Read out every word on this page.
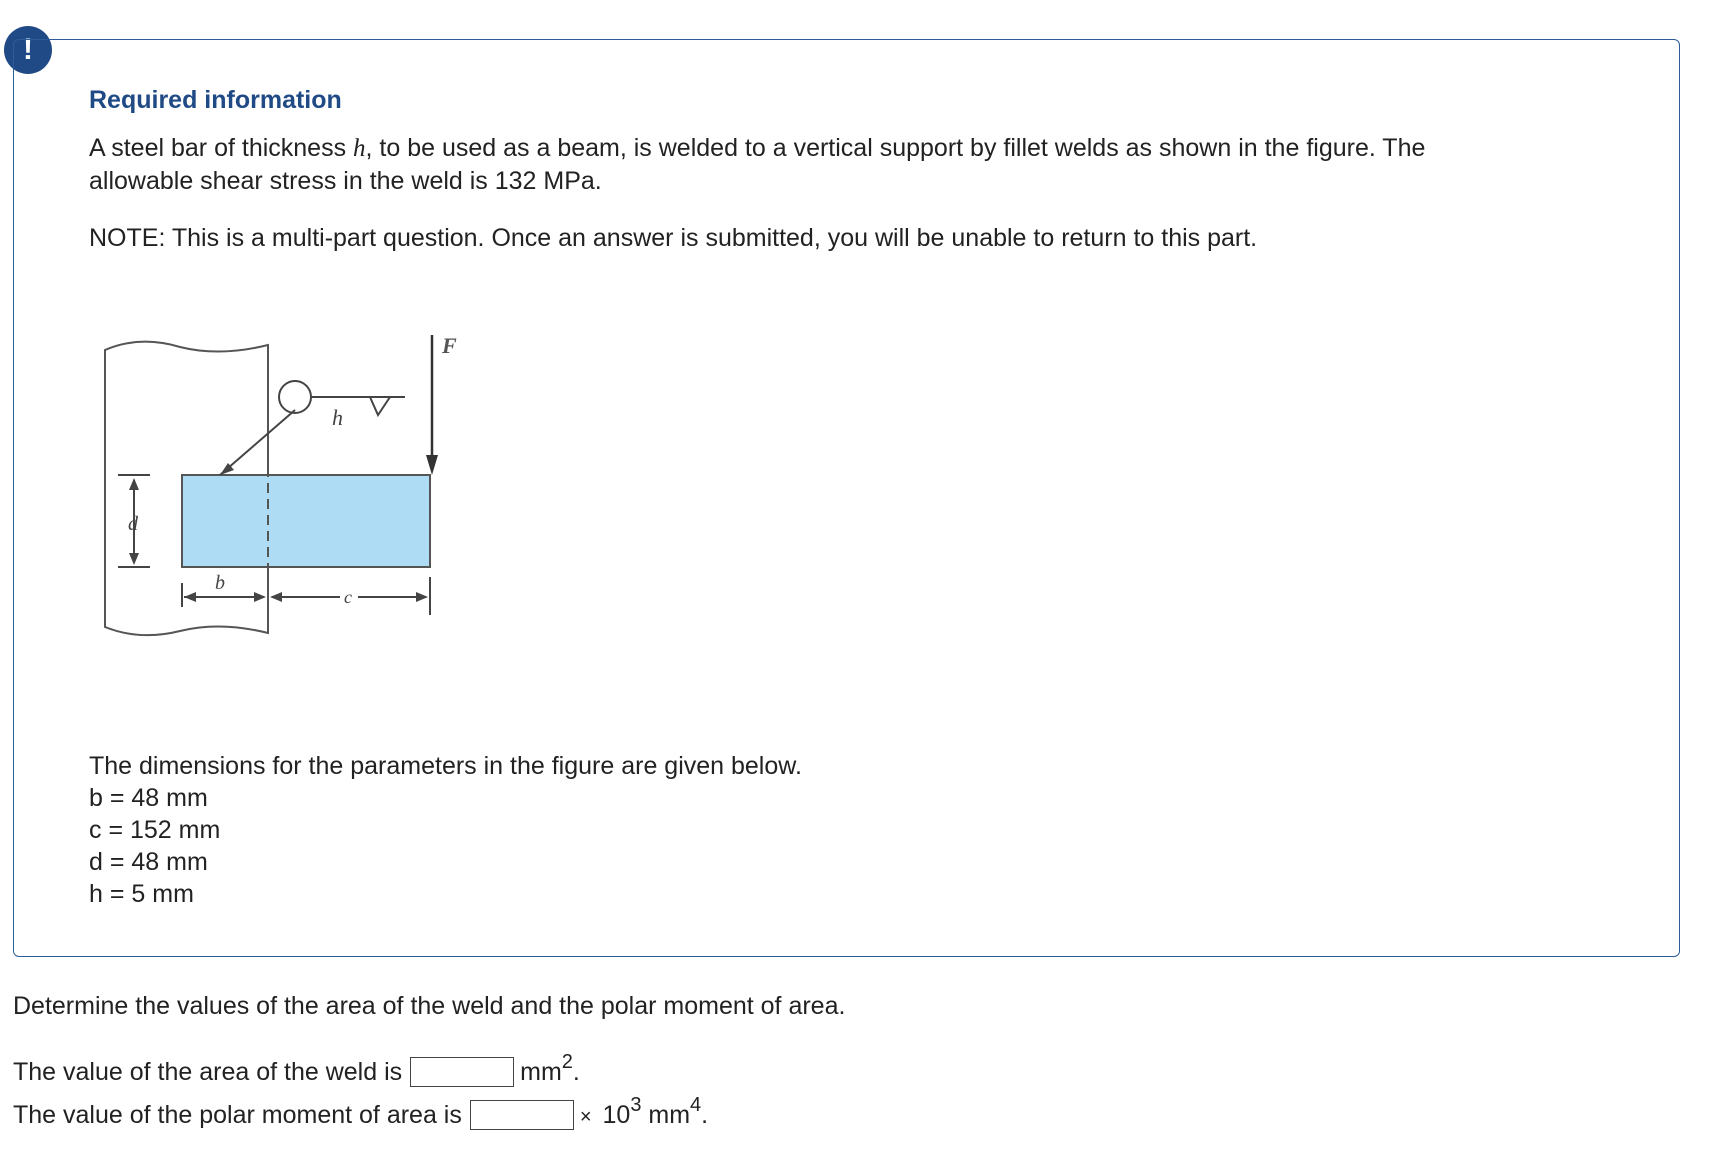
!
Required information
A steel bar of thickness h, to be used as a beam, is welded to a vertical support by fillet welds as shown in the figure. The
allowable shear stress in the weld is 132 MPa.
NOTE: This is a multi-part question. Once an answer is submitted, you will be unable to return to this part.
h
F
d
b
c
The dimensions for the parameters in the figure are given below.
b = 48 mm
c = 152 mm
d = 48 mm
h = 5 mm
Determine the values of the area of the weld and the polar moment of area.
The value of the area of the weld is	$mm^2$.
The value of the polar moment of area is	× $10^3$ $mm^4$.
